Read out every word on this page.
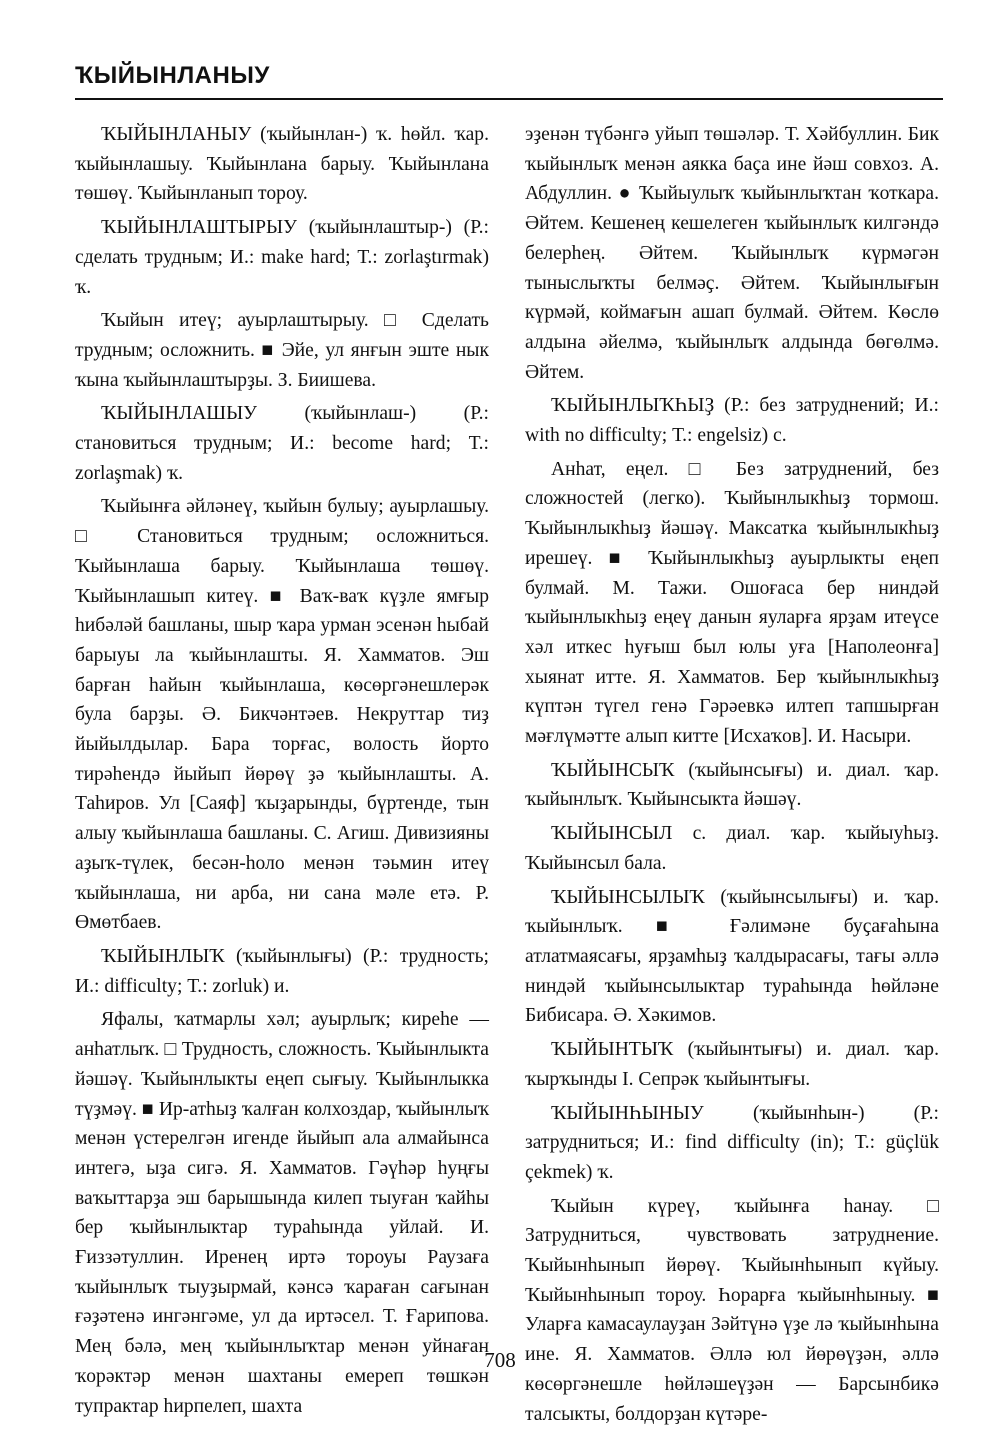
ҠЫЙЫНЛАНЫУ

ҠЫЙЫНЛАНЫУ (ҡыйынлан-) ҡ. һөйл. ҡар. ҡыйынлашыу. Ҡыйынлана барыу. Ҡыйынлана төшөү. Ҡыйынланып тороу.

ҠЫЙЫНЛАШТЫРЫУ (ҡыйынлаштыр-) (Р.: сделать трудным; И.: make hard; Т.: zorlaştırmak) ҡ.

Ҡыйын итеү; ауырлаштырыу. □ Сделать трудным; осложнить. ■ Эйе, ул янғын эште нык ҡына ҡыйынлаштырҙы. З. Биишева.

ҠЫЙЫНЛАШЫУ (ҡыйынлаш-) (Р.: становиться трудным; И.: become hard; Т.: zorlaşmak) ҡ.

Ҡыйынға әйләнеү, ҡыйын булыу; ауырлашыу. □ Становиться трудным; осложниться. Ҡыйынлаша барыу. Ҡыйынлаша төшөү. Ҡыйынлашып китеү. ■ Ваҡ-ваҡ күҙле ямғыр һибәләй башланы, шыр ҡара урман эсенән һыбай барыуы ла ҡыйынлашты. Я. Хамматов. Эш барған һайын ҡыйынлаша, көсөргәнешлерәк була барҙы. Ә. Бикчәнтәев. Некруттар тиҙ йыйылдылар. Бара торғас, волость йорто тирәһендә йыйып йөрөү ҙә ҡыйынлашты. А. Таһиров. Ул [Саяф] ҡыҙарынды, бүртенде, тын алыу ҡыйынлаша башланы. С. Агиш. Дивизияны аҙыҡ-түлек, бесән-һоло менән тәьмин итеү ҡыйынлаша, ни арба, ни сана мәле етә. Р. Өмөтбаев.

ҠЫЙЫНЛЫҠ (ҡыйынлығы) (Р.: трудность; И.: difficulty; Т.: zorluk) и.

Яфалы, ҡатмарлы хәл; ауырлыҡ; киреһе — анһатлыҡ. □ Трудность, сложность. Ҡыйынлыкта йәшәү. Ҡыйынлыкты еңеп сығыу. Ҡыйынлыкка түҙмәү. ■ Ир-атһыҙ ҡалған колхоздар, ҡыйынлыҡ менән үстерелгән игенде йыйып ала алмайынса интегә, ыҙа сигә. Я. Хамматов. Гәүһәр һуңғы ваҡыттарҙа эш барышында килеп тыуған ҡайһы бер ҡыйынлыктар тураһында уйлай. И. Ғиззәтуллин. Иренең иртә тороуы Раузаға ҡыйынлыҡ тыуҙырмай, кәнсә ҡараған сағынан ғәҙәтенә ингәнгәме, ул да иртәсел. Т. Ғарипова. Мең бәлә, мең ҡыйынлыҡтар менән уйнаған ҡорәктәр менән шахтаны емереп төшкән тупрактар һирпелеп, шахта

эҙенән түбәнгә уйып төшәләр. Т. Хәйбуллин. Бик ҡыйынлыҡ менән аякка баҫа ине йәш совхоз. А. Абдуллин. ● Ҡыйыулыҡ ҡыйынлыҡтан ҡоткара. Әйтем. Кешенең кешелеген ҡыйынлыҡ килгәндә белерһең. Әйтем. Ҡыйынлыҡ күрмәгән тыныслыҡты белмәҫ. Әйтем. Ҡыйынлығын күрмәй, коймағын ашап булмай. Әйтем. Көслө алдына әйелмә, ҡыйынлыҡ алдында бөгөлмә. Әйтем.

ҠЫЙЫНЛЫҠҺЫҘ (Р.: без затруднений; И.: with no difficulty; Т.: engelsiz) с.

Анһат, еңел. □ Без затруднений, без сложностей (легко). Ҡыйынлыкһыҙ тормош. Ҡыйынлыкһыҙ йәшәү. Максатка ҡыйынлыкһыҙ ирешеү. ■ Ҡыйынлыкһыҙ ауырлыкты еңеп булмай. М. Тажи. Ошоғаса бер ниндәй ҡыйынлыкһыҙ еңеү данын яуларға ярҙам итеүсе хәл иткес һуғыш был юлы уға [Наполеонға] хыянат итте. Я. Хамматов. Бер ҡыйынлыкһыҙ күптән түгел генә Гәрәевкә илтеп тапшырған мәғлүмәтте алып китте [Исхаҡов]. И. Насыри.

ҠЫЙЫНСЫҠ (ҡыйынсығы) и. диал. ҡар. ҡыйынлыҡ. Ҡыйынсыкта йәшәү.

ҠЫЙЫНСЫЛ с. диал. ҡар. ҡыйыуһыҙ. Ҡыйынсыл бала.

ҠЫЙЫНСЫЛЫҠ (ҡыйынсылығы) и. ҡар. ҡыйынлыҡ. ■ Ғәлимәне буҫағаһына атлатмаясағы, ярҙамһыҙ ҡалдырасағы, тағы әллә ниндәй ҡыйынсылыктар тураһында һөйләне Бибисара. Ә. Хәкимов.

ҠЫЙЫНТЫҠ (ҡыйынтығы) и. диал. ҡар. ҡырҡынды I. Сепрәк ҡыйынтығы.

ҠЫЙЫНҺЫНЫУ (ҡыйынһын-) (Р.: затрудниться; И.: find difficulty (in); Т.: güçlük çekmek) ҡ.

Ҡыйын күреү, ҡыйынға һанау. □ Затрудниться, чувствовать затруднение. Ҡыйынһынып йөрөү. Ҡыйынһынып күйыу. Ҡыйынһынып тороу. Һорарға ҡыйынһыныу. ■ Уларға камасаулауҙан Зәйтүнә үҙе лә ҡыйынһына ине. Я. Хамматов. Әллә юл йөрөүҙән, әллә көсөргәнешле һөйләшеүҙән — Барсынбикә талсыкты, болдорҙан күтәре-

708
